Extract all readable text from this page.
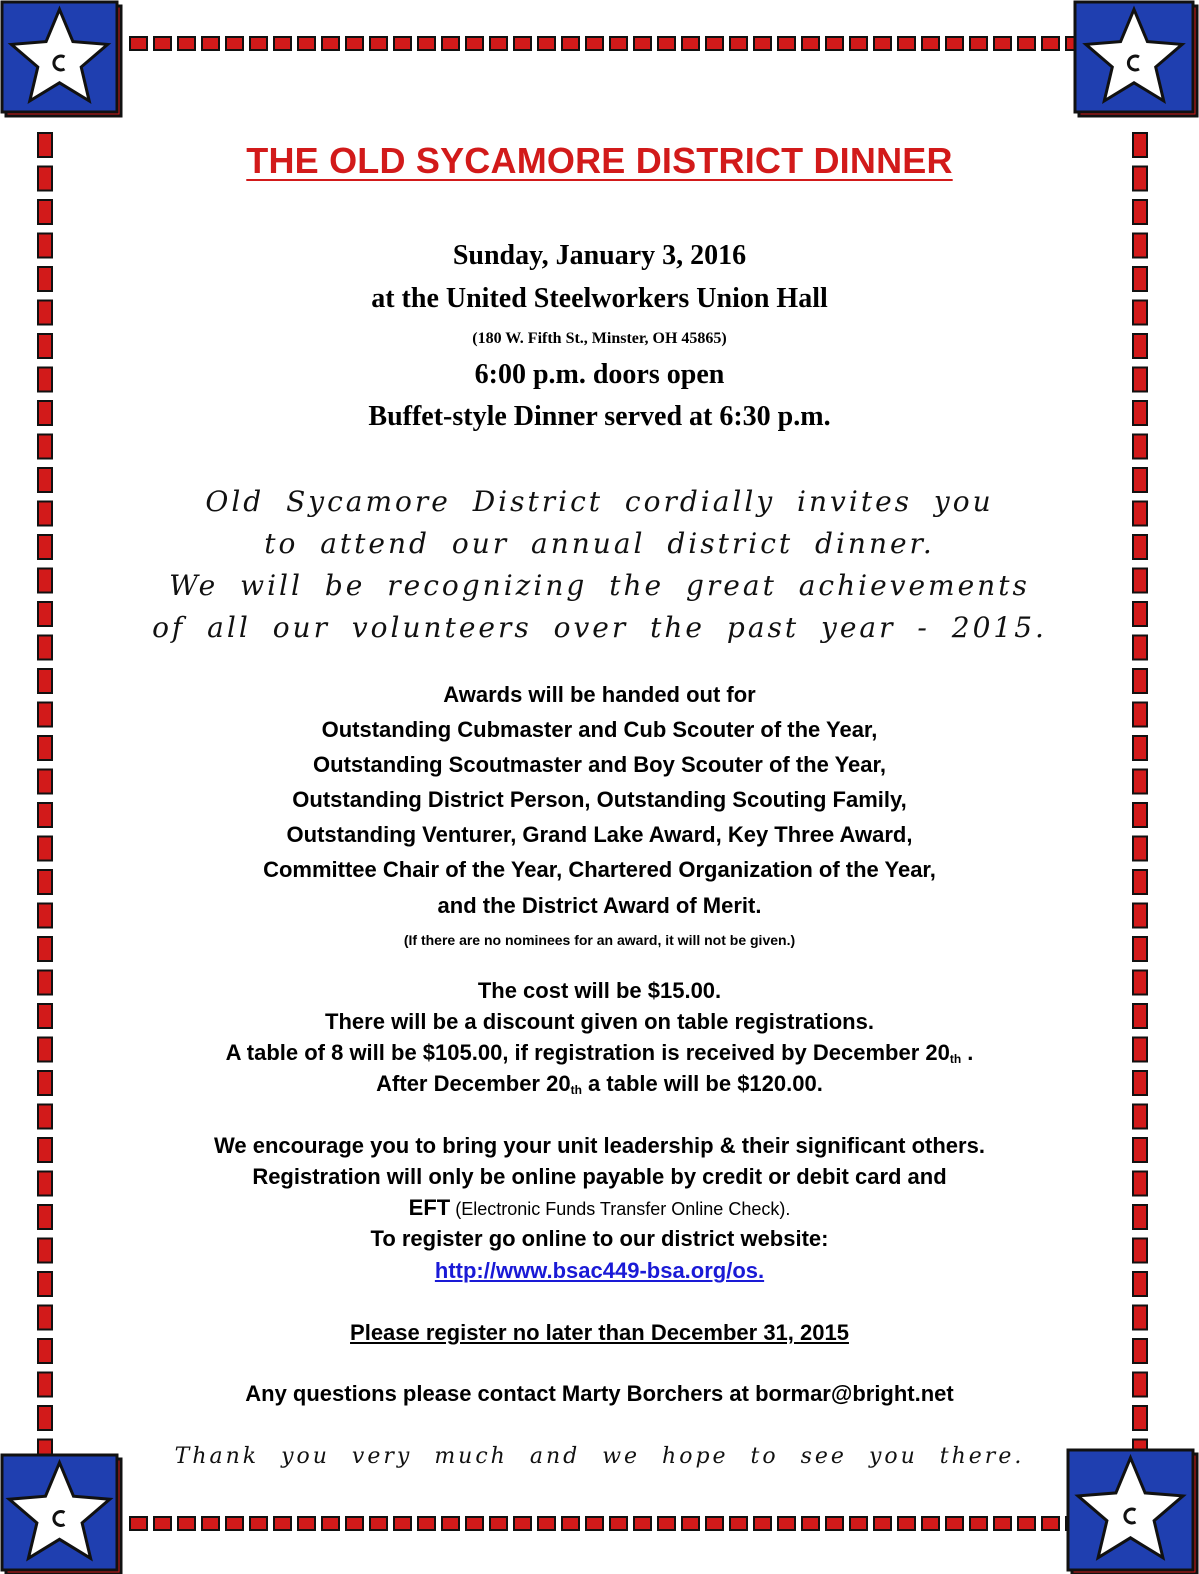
THE OLD SYCAMORE DISTRICT DINNER

Sunday, January 3, 2016

at the United Steelworkers Union Hall

(180 W. Fifth St., Minster, OH 45865)

6:00 p.m. doors open

Buffet-style Dinner served at 6:30 p.m.

Old Sycamore District cordially invites you

to attend our annual district dinner.

We will be recognizing the great achievements

of all our volunteers over the past year - 2015.

Awards will be handed out for

Outstanding Cubmaster and Cub Scouter of the Year,

Outstanding Scoutmaster and Boy Scouter of the Year,

Outstanding District Person, Outstanding Scouting Family,

Outstanding Venturer, Grand Lake Award, Key Three Award,

Committee Chair of the Year, Chartered Organization of the Year,

and the District Award of Merit.

(If there are no nominees for an award, it will not be given.)

The cost will be $15.00.

There will be a discount given on table registrations.

A table of 8 will be $105.00, if registration is received by December $20_{th}$ .

After December $20_{th}$ a table will be $120.00.

We encourage you to bring your unit leadership & their significant others.

Registration will only be online payable by credit or debit card and

EFT (Electronic Funds Transfer Online Check).

To register go online to our district website:

http://www.bsac449-bsa.org/os.

Please register no later than December 31, 2015

Any questions please contact Marty Borchers at bormar@bright.net

Thank you very much and we hope to see you there.
